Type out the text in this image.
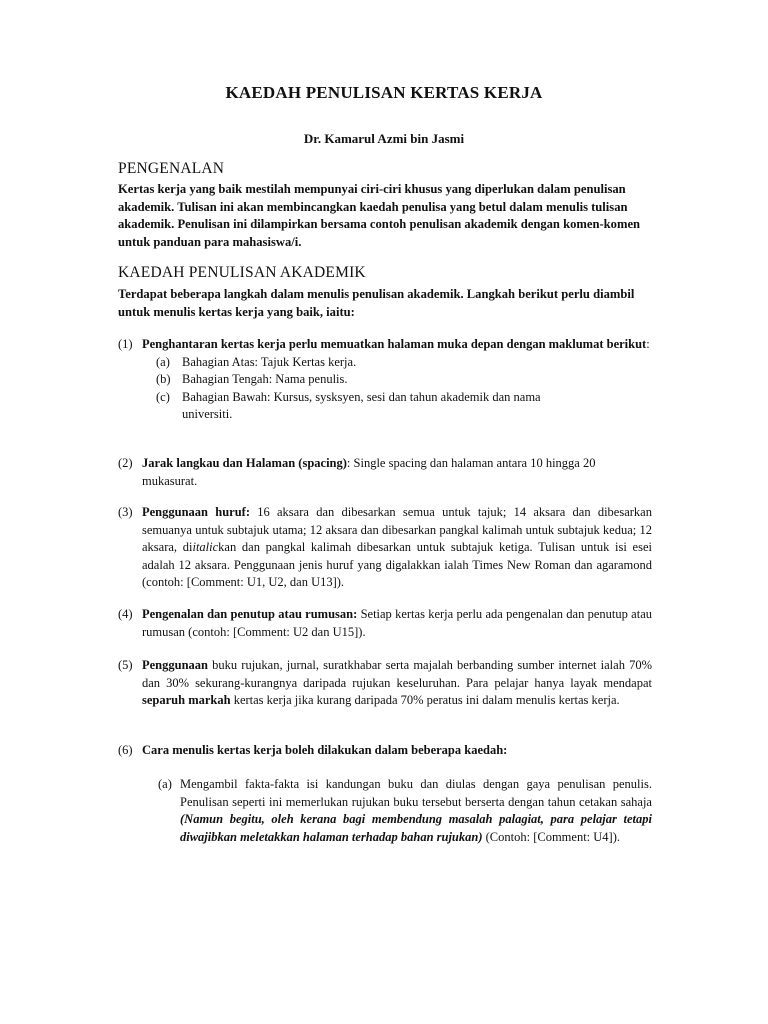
KAEDAH PENULISAN KERTAS KERJA
Dr. Kamarul Azmi bin Jasmi
PENGENALAN
Kertas kerja yang baik mestilah mempunyai ciri-ciri khusus yang diperlukan dalam penulisan akademik. Tulisan ini akan membincangkan kaedah penulisa yang betul dalam menulis tulisan akademik. Penulisan ini dilampirkan bersama contoh penulisan akademik dengan komen-komen untuk panduan para mahasiswa/i.
KAEDAH PENULISAN AKADEMIK
Terdapat beberapa langkah dalam menulis penulisan akademik. Langkah berikut perlu diambil untuk menulis kertas kerja yang baik, iaitu:
(1) Penghantaran kertas kerja perlu memuatkan halaman muka depan dengan maklumat berikut:
(a) Bahagian Atas: Tajuk Kertas kerja.
(b) Bahagian Tengah: Nama penulis.
(c) Bahagian Bawah: Kursus, sysksyen, sesi dan tahun akademik dan nama universiti.
(2) Jarak langkau dan Halaman (spacing): Single spacing dan halaman antara 10 hingga 20 mukasurat.
(3) Penggunaan huruf: 16 aksara dan dibesarkan semua untuk tajuk; 14 aksara dan dibesarkan semuanya untuk subtajuk utama; 12 aksara dan dibesarkan pangkal kalimah untuk subtajuk kedua; 12 aksara, diitalickan dan pangkal kalimah dibesarkan untuk subtajuk ketiga. Tulisan untuk isi esei adalah 12 aksara. Penggunaan jenis huruf yang digalakkan ialah Times New Roman dan agaramond (contoh: [Comment: U1, U2, dan U13]).
(4) Pengenalan dan penutup atau rumusan: Setiap kertas kerja perlu ada pengenalan dan penutup atau rumusan (contoh: [Comment: U2 dan U15]).
(5) Penggunaan buku rujukan, jurnal, suratkhabar serta majalah berbanding sumber internet ialah 70% dan 30% sekurang-kurangnya daripada rujukan keseluruhan. Para pelajar hanya layak mendapat separuh markah kertas kerja jika kurang daripada 70% peratus ini dalam menulis kertas kerja.
(6) Cara menulis kertas kerja boleh dilakukan dalam beberapa kaedah:
(a) Mengambil fakta-fakta isi kandungan buku dan diulas dengan gaya penulisan penulis. Penulisan seperti ini memerlukan rujukan buku tersebut berserta dengan tahun cetakan sahaja (Namun begitu, oleh kerana bagi membendung masalah palagiat, para pelajar tetapi diwajibkan meletakkan halaman terhadap bahan rujukan) (Contoh: [Comment: U4]).
